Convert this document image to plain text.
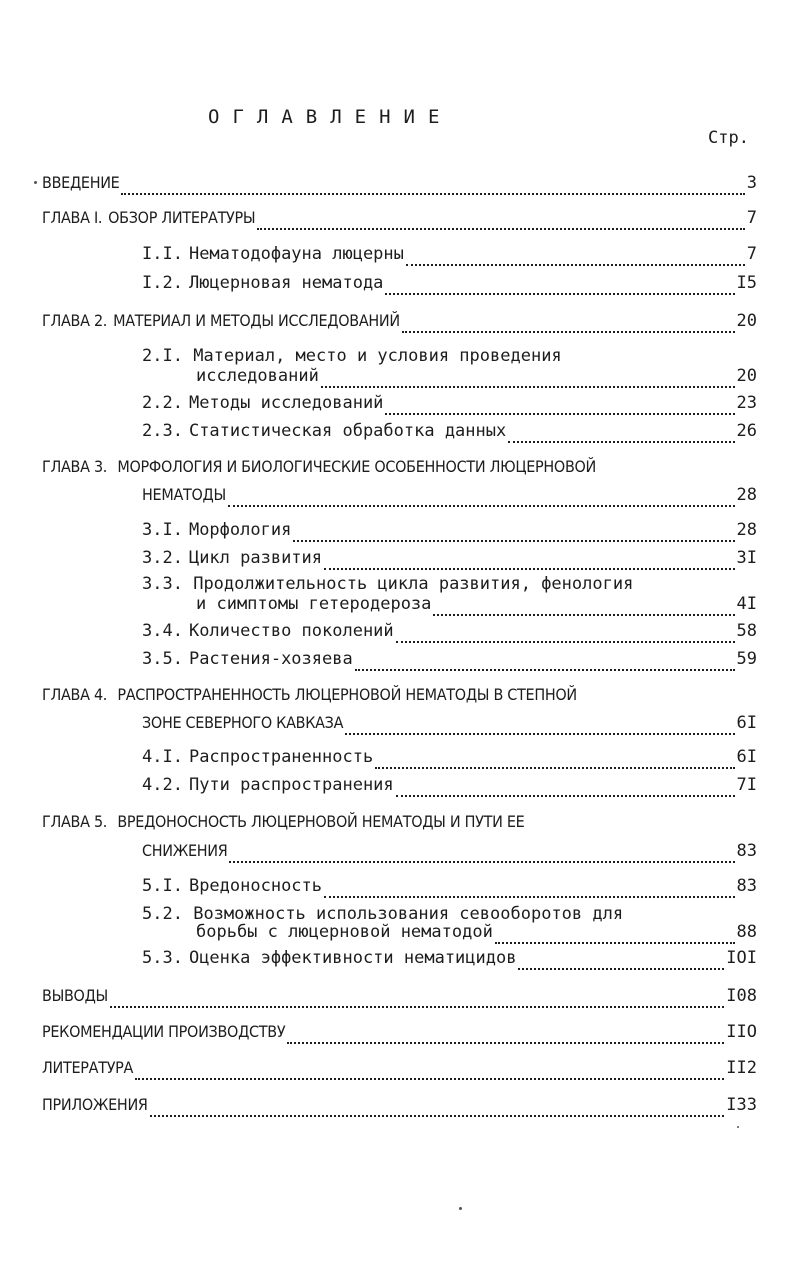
ОГЛАВЛЕНИЕ
Стр.
ВВЕДЕНИЕ	3
ГЛАВА I. ОБЗОР ЛИТЕРАТУРЫ	7
I.I. Нематодофауна люцерны	7
I.2. Люцерновая нематода	I5
ГЛАВА 2. МАТЕРИАЛ И МЕТОДЫ ИССЛЕДОВАНИЙ	20
2.I. Материал, место и условия проведения
исследований	20
2.2. Методы исследований	23
2.3. Статистическая обработка данных	26
ГЛАВА 3. МОРФОЛОГИЯ И БИОЛОГИЧЕСКИЕ ОСОБЕННОСТИ ЛЮЦЕРНОВОЙ
НЕМАТОДЫ	28
3.I. Морфология	28
3.2. Цикл развития	3I
3.3. Продолжительность цикла развития, фенология
и симптомы гетеродероза	4I
3.4. Количество поколений	58
3.5. Растения-хозяева	59
ГЛАВА 4. РАСПРОСТРАНЕННОСТЬ ЛЮЦЕРНОВОЙ НЕМАТОДЫ В СТЕПНОЙ
ЗОНЕ СЕВЕРНОГО КАВКАЗА	6I
4.I. Распространенность	6I
4.2. Пути распространения	7I
ГЛАВА 5. ВРЕДОНОСНОСТЬ ЛЮЦЕРНОВОЙ НЕМАТОДЫ И ПУТИ ЕЕ
СНИЖЕНИЯ	83
5.I. Вредоносность	83
5.2. Возможность использования севооборотов для
борьбы с люцерновой нематодой	88
5.3. Оценка эффективности нематицидов	IOI
ВЫВОДЫ	I08
РЕКОМЕНДАЦИИ ПРОИЗВОДСТВУ	IIO
ЛИТЕРАТУРА	II2
ПРИЛОЖЕНИЯ	I33
